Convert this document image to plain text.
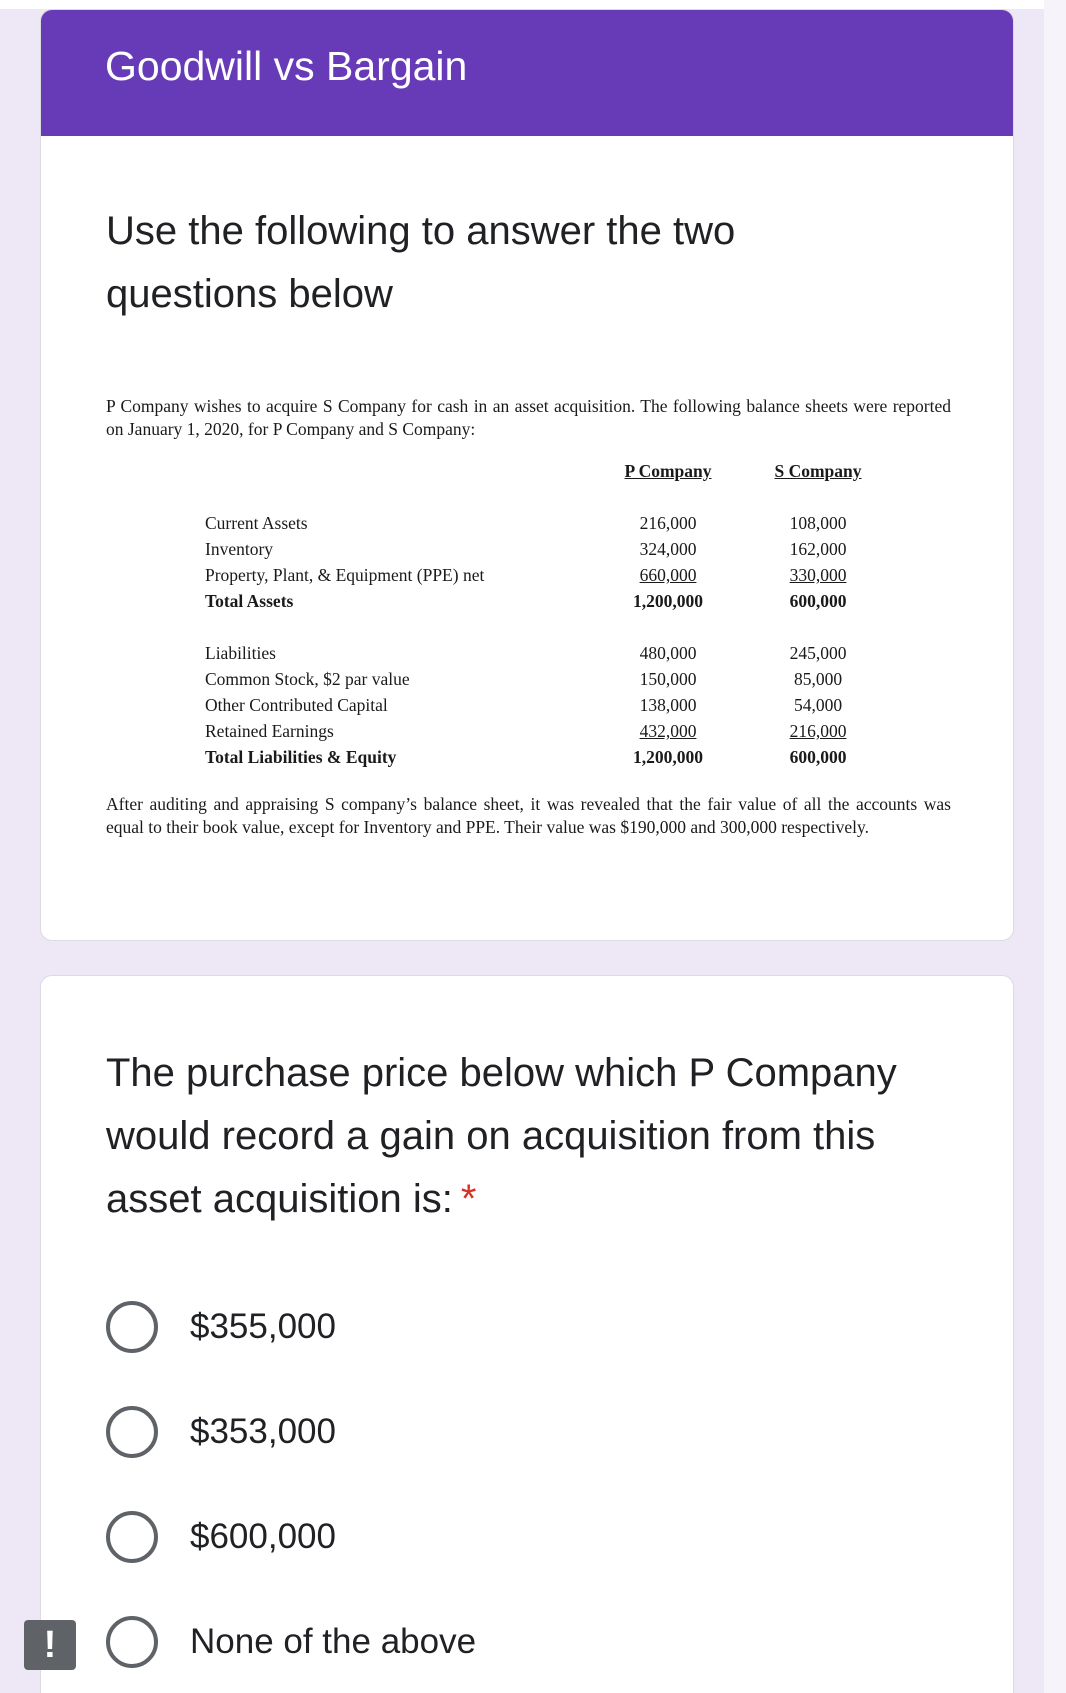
Goodwill vs Bargain
Use the following to answer the two questions below

P Company wishes to acquire S Company for cash in an asset acquisition. The following balance sheets were reported on January 1, 2020, for P Company and S Company:

P Company	S Company
Current Assets	216,000	108,000
Inventory	324,000	162,000
Property, Plant, & Equipment (PPE) net	660,000	330,000
Total Assets	1,200,000	600,000
Liabilities	480,000	245,000
Common Stock, $2 par value	150,000	85,000
Other Contributed Capital	138,000	54,000
Retained Earnings	432,000	216,000
Total Liabilities & Equity	1,200,000	600,000

After auditing and appraising S company’s balance sheet, it was revealed that the fair value of all the accounts was equal to their book value, except for Inventory and PPE. Their value was $190,000 and 300,000 respectively.

The purchase price below which P Company would record a gain on acquisition from this asset acquisition is: *
$355,000
$353,000
$600,000
None of the above
!
